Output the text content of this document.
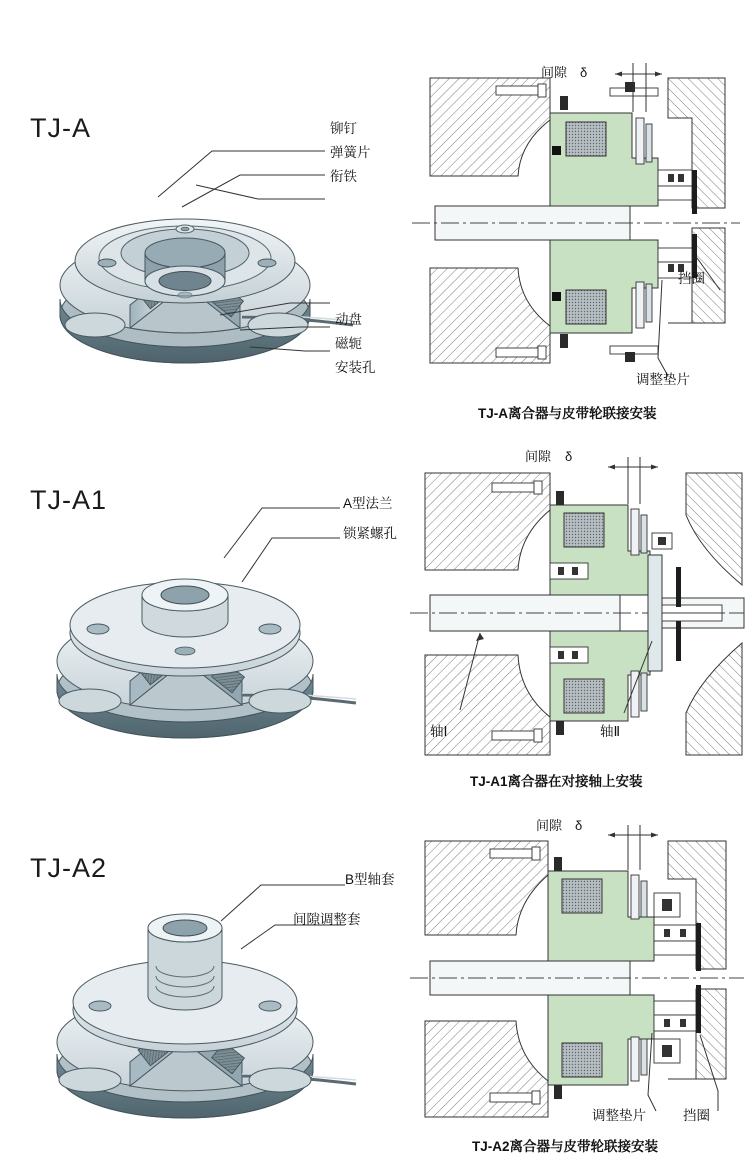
TJ-A	铆钉
弹簧片
衔铁
动盘
磁轭
安装孔
间隙 δ
挡圈
调整垫片
TJ-A离合器与皮带轮联接安装
TJ-A1	A型法兰
锁紧螺孔
间隙 δ
轴Ⅰ	轴Ⅱ
TJ-A1离合器在对接轴上安装
TJ-A2	B型轴套
间隙调整套
间隙 δ
调整垫片	挡圈
TJ-A2离合器与皮带轮联接安装
